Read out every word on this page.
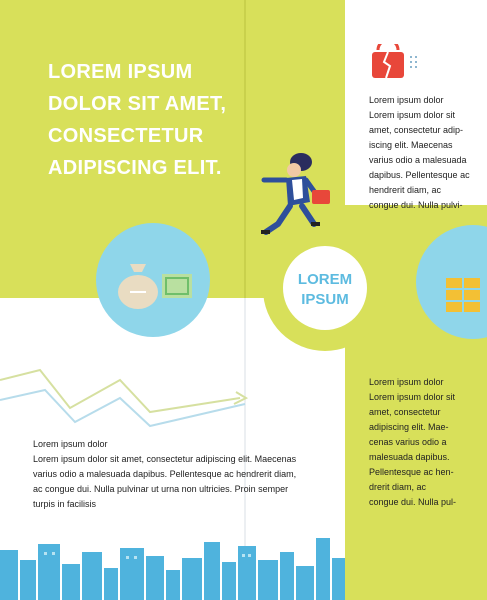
LOREM IPSUM
DOLOR SIT AMET,
CONSECTETUR
ADIPISCING ELIT.
Lorem ipsum dolor
Lorem ipsum dolor sit
amet, consectetur adip-
iscing elit. Maecenas
varius odio a malesuada
dapibus. Pellentesque ac
hendrerit diam, ac
congue dui. Nulla pulvi-
LOREM
IPSUM
Lorem ipsum dolor
Lorem ipsum dolor sit
amet, consectetur
adipiscing elit. Mae-
cenas varius odio a
malesuada dapibus.
Pellentesque ac hen-
drerit diam, ac
congue dui. Nulla pul-
Lorem ipsum dolor
Lorem ipsum dolor sit amet, consectetur adipiscing elit. Maecenas
varius odio a malesuada dapibus. Pellentesque ac hendrerit diam,
ac congue dui. Nulla pulvinar ut urna non ultricies. Proin semper
turpis in facilisis
